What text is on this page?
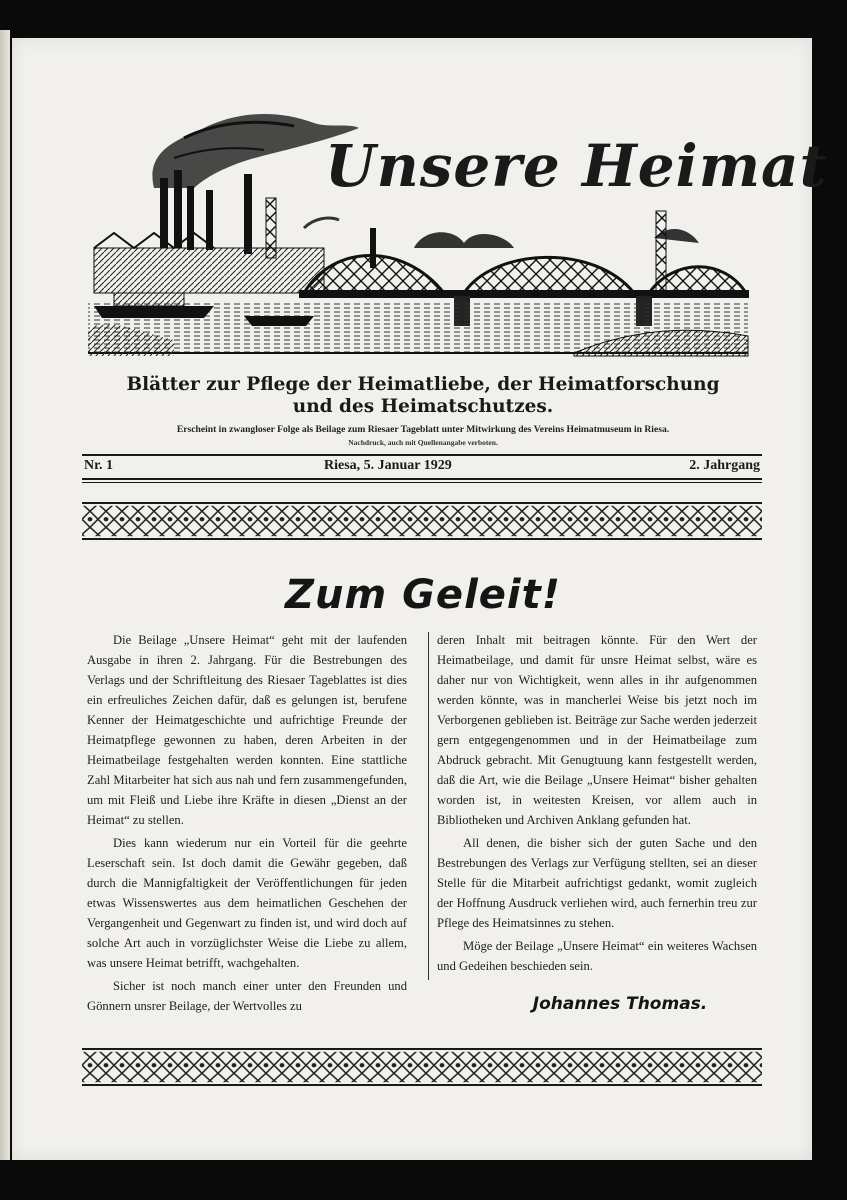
Unsere Heimat
Blätter zur Pflege der Heimatliebe, der Heimatforschung
und des Heimatschutzes.
Erscheint in zwangloser Folge als Beilage zum Riesaer Tageblatt unter Mitwirkung des Vereins Heimatmuseum in Riesa.
Nachdruck, auch mit Quellenangabe verboten.
Nr. 1	Riesa, 5. Januar 1929	2. Jahrgang
Zum Geleit!

Die Beilage „Unsere Heimat“ geht mit der laufenden Ausgabe in ihren 2. Jahrgang. Für die Bestrebungen des Verlags und der Schriftleitung des Riesaer Tageblattes ist dies ein erfreuliches Zeichen dafür, daß es gelungen ist, berufene Kenner der Heimatgeschichte und aufrichtige Freunde der Heimatpflege gewonnen zu haben, deren Arbeiten in der Heimatbeilage festgehalten werden konnten. Eine stattliche Zahl Mitarbeiter hat sich aus nah und fern zusammengefunden, um mit Fleiß und Liebe ihre Kräfte in diesen „Dienst an der Heimat“ zu stellen.

Dies kann wiederum nur ein Vorteil für die geehrte Leserschaft sein. Ist doch damit die Gewähr gegeben, daß durch die Mannigfaltigkeit der Veröffentlichungen für jeden etwas Wissenswertes aus dem heimatlichen Geschehen der Vergangenheit und Gegenwart zu finden ist, und wird doch auf solche Art auch in vorzüglichster Weise die Liebe zu allem, was unsere Heimat betrifft, wachgehalten.

Sicher ist noch manch einer unter den Freunden und Gönnern unsrer Beilage, der Wertvolles zu

deren Inhalt mit beitragen könnte. Für den Wert der Heimatbeilage, und damit für unsre Heimat selbst, wäre es daher nur von Wichtigkeit, wenn alles in ihr aufgenommen werden könnte, was in mancherlei Weise bis jetzt noch im Verborgenen geblieben ist. Beiträge zur Sache werden jederzeit gern entgegengenommen und in der Heimatbeilage zum Abdruck gebracht. Mit Genugtuung kann festgestellt werden, daß die Art, wie die Beilage „Unsere Heimat“ bisher gehalten worden ist, in weitesten Kreisen, vor allem auch in Bibliotheken und Archiven Anklang gefunden hat.

All denen, die bisher sich der guten Sache und den Bestrebungen des Verlags zur Verfügung stellten, sei an dieser Stelle für die Mitarbeit aufrichtigst gedankt, womit zugleich der Hoffnung Ausdruck verliehen wird, auch fernerhin treu zur Pflege des Heimatsinnes zu stehen.

Möge der Beilage „Unsere Heimat“ ein weiteres Wachsen und Gedeihen beschieden sein.

Johannes Thomas.
